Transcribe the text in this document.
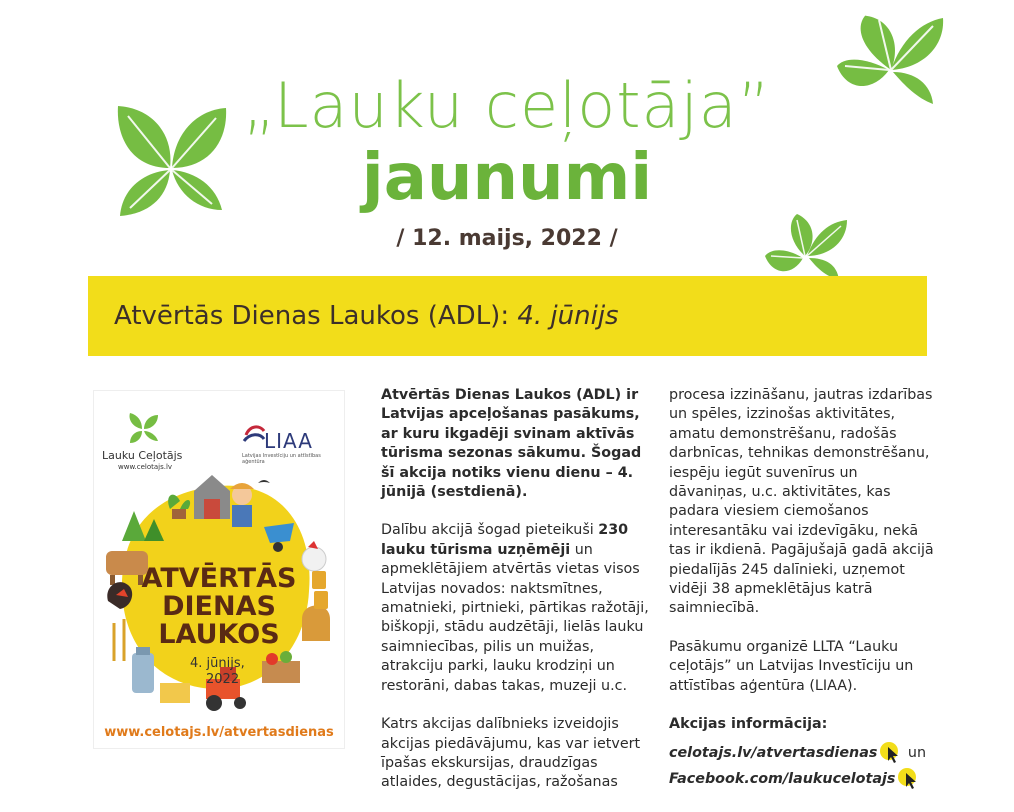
„Lauku ceļotāja”
jaunumi
/ 12. maijs, 2022 /
Atvērtās Dienas Laukos (ADL): 4. jūnijs
Lauku Ceļotājs
www.celotajs.lv
LIAA
Latvijas Investīciju un attīstības aģentūra
ATVĒRTĀS
DIENAS
LAUKOS
4. jūnijs,
2022
www.celotajs.lv/atvertasdienas

Atvērtās Dienas Laukos (ADL) ir Latvijas apceļošanas pasākums, ar kuru ikgadēji svinam aktīvās tūrisma sezonas sākumu. Šogad šī akcija notiks vienu dienu – 4. jūnijā (sestdienā).

Dalību akcijā šogad pieteikuši 230 lauku tūrisma uzņēmēji un apmeklētājiem atvērtās vietas visos Latvijas novados: naktsmītnes, amatnieki, pirtnieki, pārtikas ražotāji, biškopji, stādu audzētāji, lielās lauku saimniecības, pilis un muižas, atrakciju parki, lauku krodziņi un restorāni, dabas takas, muzeji u.c.

Katrs akcijas dalībnieks izveidojis akcijas piedāvājumu, kas var ietvert īpašas ekskursijas, draudzīgas atlaides, degustācijas, ražošanas

procesa izzināšanu, jautras izdarības un spēles, izzinošas aktivitātes, amatu demonstrēšanu, radošās darbnīcas, tehnikas demonstrēšanu, iespēju iegūt suvenīrus un dāvaniņas, u.c. aktivitātes, kas padara viesiem ciemošanos interesantāku vai izdevīgāku, nekā tas ir ikdienā. Pagājušajā gadā akcijā piedalījās 245 dalīnieki, uzņemot vidēji 38 apmeklētājus katrā saimniecībā.

Pasākumu organizē LLTA “Lauku ceļotājs” un Latvijas Investīciju un attīstības aģentūra (LIAA).

Akcijas informācija:

celotajs.lv/atvertasdienas un
Facebook.com/laukucelotajs
